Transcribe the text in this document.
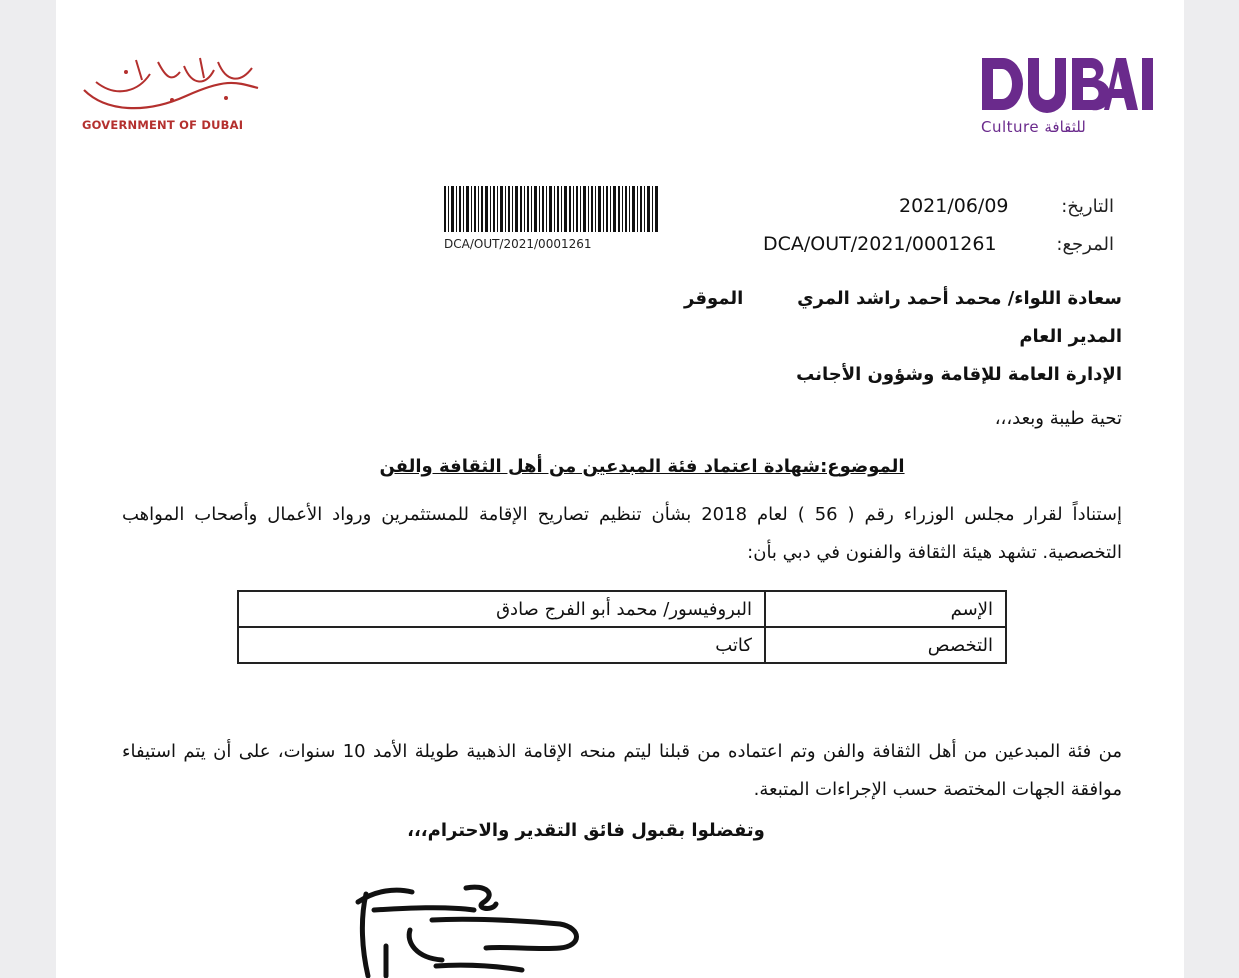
GOVERNMENT OF DUBAI	Culture للثقافة
DCA/OUT/2021/0001261
التاريخ:
2021/06/09
المرجع:
DCA/OUT/2021/0001261
سعادة اللواء/ محمد أحمد راشد المري
الموقر
المدير العام
الإدارة العامة للإقامة وشؤون الأجانب
تحية طيبة وبعد،،،
الموضوع:شهادة اعتماد فئة المبدعين من أهل الثقافة والفن
إستناداً لقرار مجلس الوزراء رقم ( 56 ) لعام 2018 بشأن تنظيم تصاريح الإقامة للمستثمرين ورواد الأعمال وأصحاب المواهب التخصصية. تشهد هيئة الثقافة والفنون في دبي بأن:
الإسم	البروفيسور/ محمد أبو الفرج صادق
التخصص	كاتب
من فئة المبدعين من أهل الثقافة والفن وتم اعتماده من قبلنا ليتم منحه الإقامة الذهبية طويلة الأمد 10 سنوات، على أن يتم استيفاء موافقة الجهات المختصة حسب الإجراءات المتبعة.
وتفضلوا بقبول فائق التقدير والاحترام،،،
